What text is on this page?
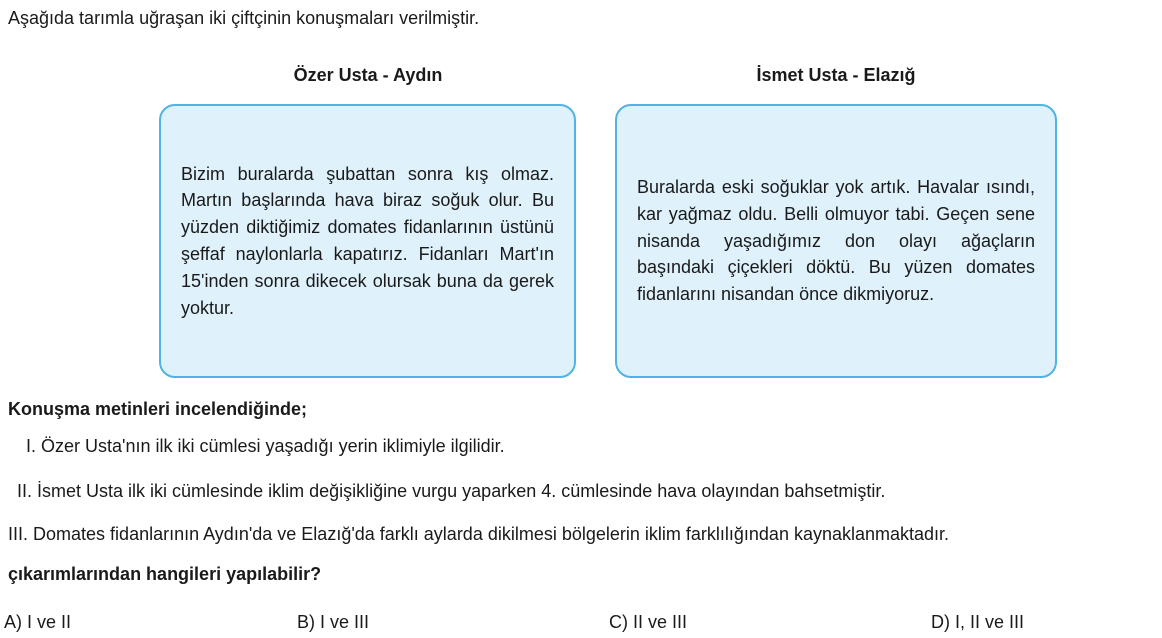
Aşağıda tarımla uğraşan iki çiftçinin konuşmaları verilmiştir.
Özer Usta - Aydın	İsmet Usta - Elazığ
Bizim buralarda şubattan sonra kış olmaz. Martın başlarında hava biraz soğuk olur. Bu yüzden diktiğimiz domates fidanlarının üstünü şeffaf naylonlarla kapatırız. Fidanları Mart'ın 15'inden sonra dikecek olursak buna da gerek yoktur.
Buralarda eski soğuklar yok artık. Havalar ısındı, kar yağmaz oldu. Belli olmuyor tabi. Geçen sene nisanda yaşadığımız don olayı ağaçların başındaki çiçekleri döktü. Bu yüzen domates fidanlarını nisandan önce dikmiyoruz.
Konuşma metinleri incelendiğinde;
I. Özer Usta'nın ilk iki cümlesi yaşadığı yerin iklimiyle ilgilidir.
II. İsmet Usta ilk iki cümlesinde iklim değişikliğine vurgu yaparken 4. cümlesinde hava olayından bahsetmiştir.
III. Domates fidanlarının Aydın'da ve Elazığ'da farklı aylarda dikilmesi bölgelerin iklim farklılığından kaynaklanmaktadır.
çıkarımlarından hangileri yapılabilir?
A) I ve II	B) I ve III	C) II ve III	D) I, II ve III
